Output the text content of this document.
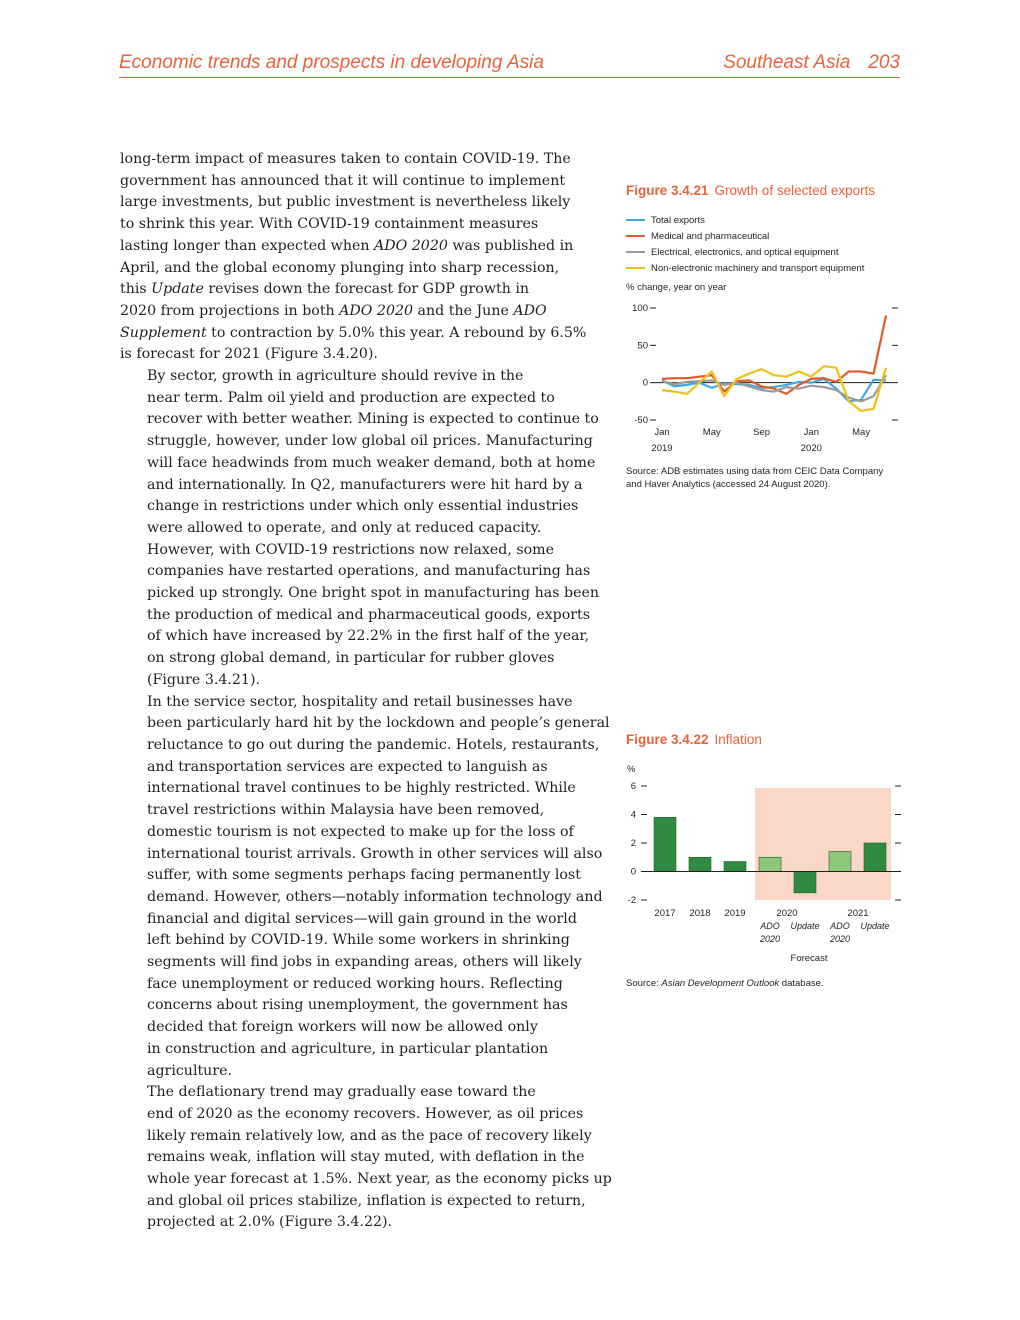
Economic trends and prospects in developing Asia	Southeast Asia 203

long-term impact of measures taken to contain COVID-19. The
government has announced that it will continue to implement
large investments, but public investment is nevertheless likely
to shrink this year. With COVID-19 containment measures
lasting longer than expected when ADO 2020 was published in
April, and the global economy plunging into sharp recession,
this Update revises down the forecast for GDP growth in
2020 from projections in both ADO 2020 and the June ADO
Supplement to contraction by 5.0% this year. A rebound by 6.5%
is forecast for 2021 (Figure 3.4.20).

By sector, growth in agriculture should revive in the

near term. Palm oil yield and production are expected to
recover with better weather. Mining is expected to continue to
struggle, however, under low global oil prices. Manufacturing
will face headwinds from much weaker demand, both at home
and internationally. In Q2, manufacturers were hit hard by a
change in restrictions under which only essential industries
were allowed to operate, and only at reduced capacity.
However, with COVID-19 restrictions now relaxed, some
companies have restarted operations, and manufacturing has
picked up strongly. One bright spot in manufacturing has been
the production of medical and pharmaceutical goods, exports
of which have increased by 22.2% in the first half of the year,
on strong global demand, in particular for rubber gloves
(Figure 3.4.21).

In the service sector, hospitality and retail businesses have

been particularly hard hit by the lockdown and people’s general
reluctance to go out during the pandemic. Hotels, restaurants,
and transportation services are expected to languish as
international travel continues to be highly restricted. While
travel restrictions within Malaysia have been removed,
domestic tourism is not expected to make up for the loss of
international tourist arrivals. Growth in other services will also
suffer, with some segments perhaps facing permanently lost
demand. However, others—notably information technology and
financial and digital services—will gain ground in the world
left behind by COVID-19. While some workers in shrinking
segments will find jobs in expanding areas, others will likely
face unemployment or reduced working hours. Reflecting
concerns about rising unemployment, the government has
decided that foreign workers will now be allowed only
in construction and agriculture, in particular plantation
agriculture.

The deflationary trend may gradually ease toward the

end of 2020 as the economy recovers. However, as oil prices
likely remain relatively low, and as the pace of recovery likely
remains weak, inflation will stay muted, with deflation in the
whole year forecast at 1.5%. Next year, as the economy picks up
and global oil prices stabilize, inflation is expected to return,
projected at 2.0% (Figure 3.4.22).

Figure 3.4.21 Growth of selected exports
Total exports
Medical and pharmaceutical
Electrical, electronics, and optical equipment
Non-electronic machinery and transport equipment
% change, year on year
100
50
0
-50
Jan
2019
May	Sep	Jan
2020
May
Source: ADB estimates using data from CEIC Data Company
and Haver Analytics (accessed 24 August 2020).
Figure 3.4.22 Inflation
%
6
4
2
0
-2
2017 2018 2019
ADO
2020
Update ADO
2020
Update
2020	2021
Forecast
Source: Asian Development Outlook database.
